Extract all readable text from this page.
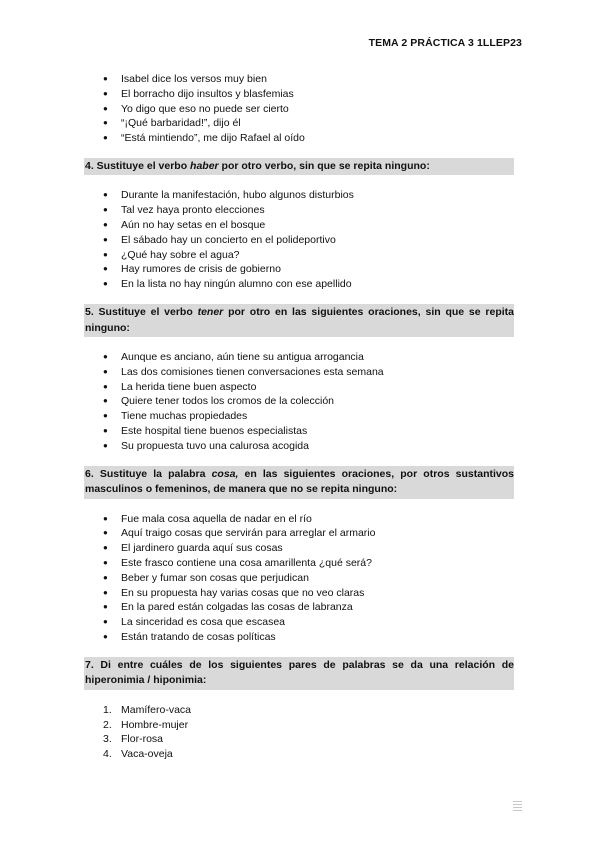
TEMA 2 PRÁCTICA 3 1LLEP23
● Isabel dice los versos muy bien
● El borracho dijo insultos y blasfemias
● Yo digo que eso no puede ser cierto
● “¡Qué barbaridad!”, dijo él
● “Está mintiendo”, me dijo Rafael al oído
4. Sustituye el verbo haber por otro verbo, sin que se repita ninguno:
● Durante la manifestación, hubo algunos disturbios
● Tal vez haya pronto elecciones
● Aún no hay setas en el bosque
● El sábado hay un concierto en el polideportivo
● ¿Qué hay sobre el agua?
● Hay rumores de crisis de gobierno
● En la lista no hay ningún alumno con ese apellido
5. Sustituye el verbo tener por otro en las siguientes oraciones, sin que se repita ninguno:
● Aunque es anciano, aún tiene su antigua arrogancia
● Las dos comisiones tienen conversaciones esta semana
● La herida tiene buen aspecto
● Quiere tener todos los cromos de la colección
● Tiene muchas propiedades
● Este hospital tiene buenos especialistas
● Su propuesta tuvo una calurosa acogida
6. Sustituye la palabra cosa, en las siguientes oraciones, por otros sustantivos masculinos o femeninos, de manera que no se repita ninguno:
● Fue mala cosa aquella de nadar en el río
● Aquí traigo cosas que servirán para arreglar el armario
● El jardinero guarda aquí sus cosas
● Este frasco contiene una cosa amarillenta ¿qué será?
● Beber y fumar son cosas que perjudican
● En su propuesta hay varias cosas que no veo claras
● En la pared están colgadas las cosas de labranza
● La sinceridad es cosa que escasea
● Están tratando de cosas políticas
7. Di entre cuáles de los siguientes pares de palabras se da una relación de hiperonimia / hiponimia:
1. Mamífero-vaca
2. Hombre-mujer
3. Flor-rosa
4. Vaca-oveja
